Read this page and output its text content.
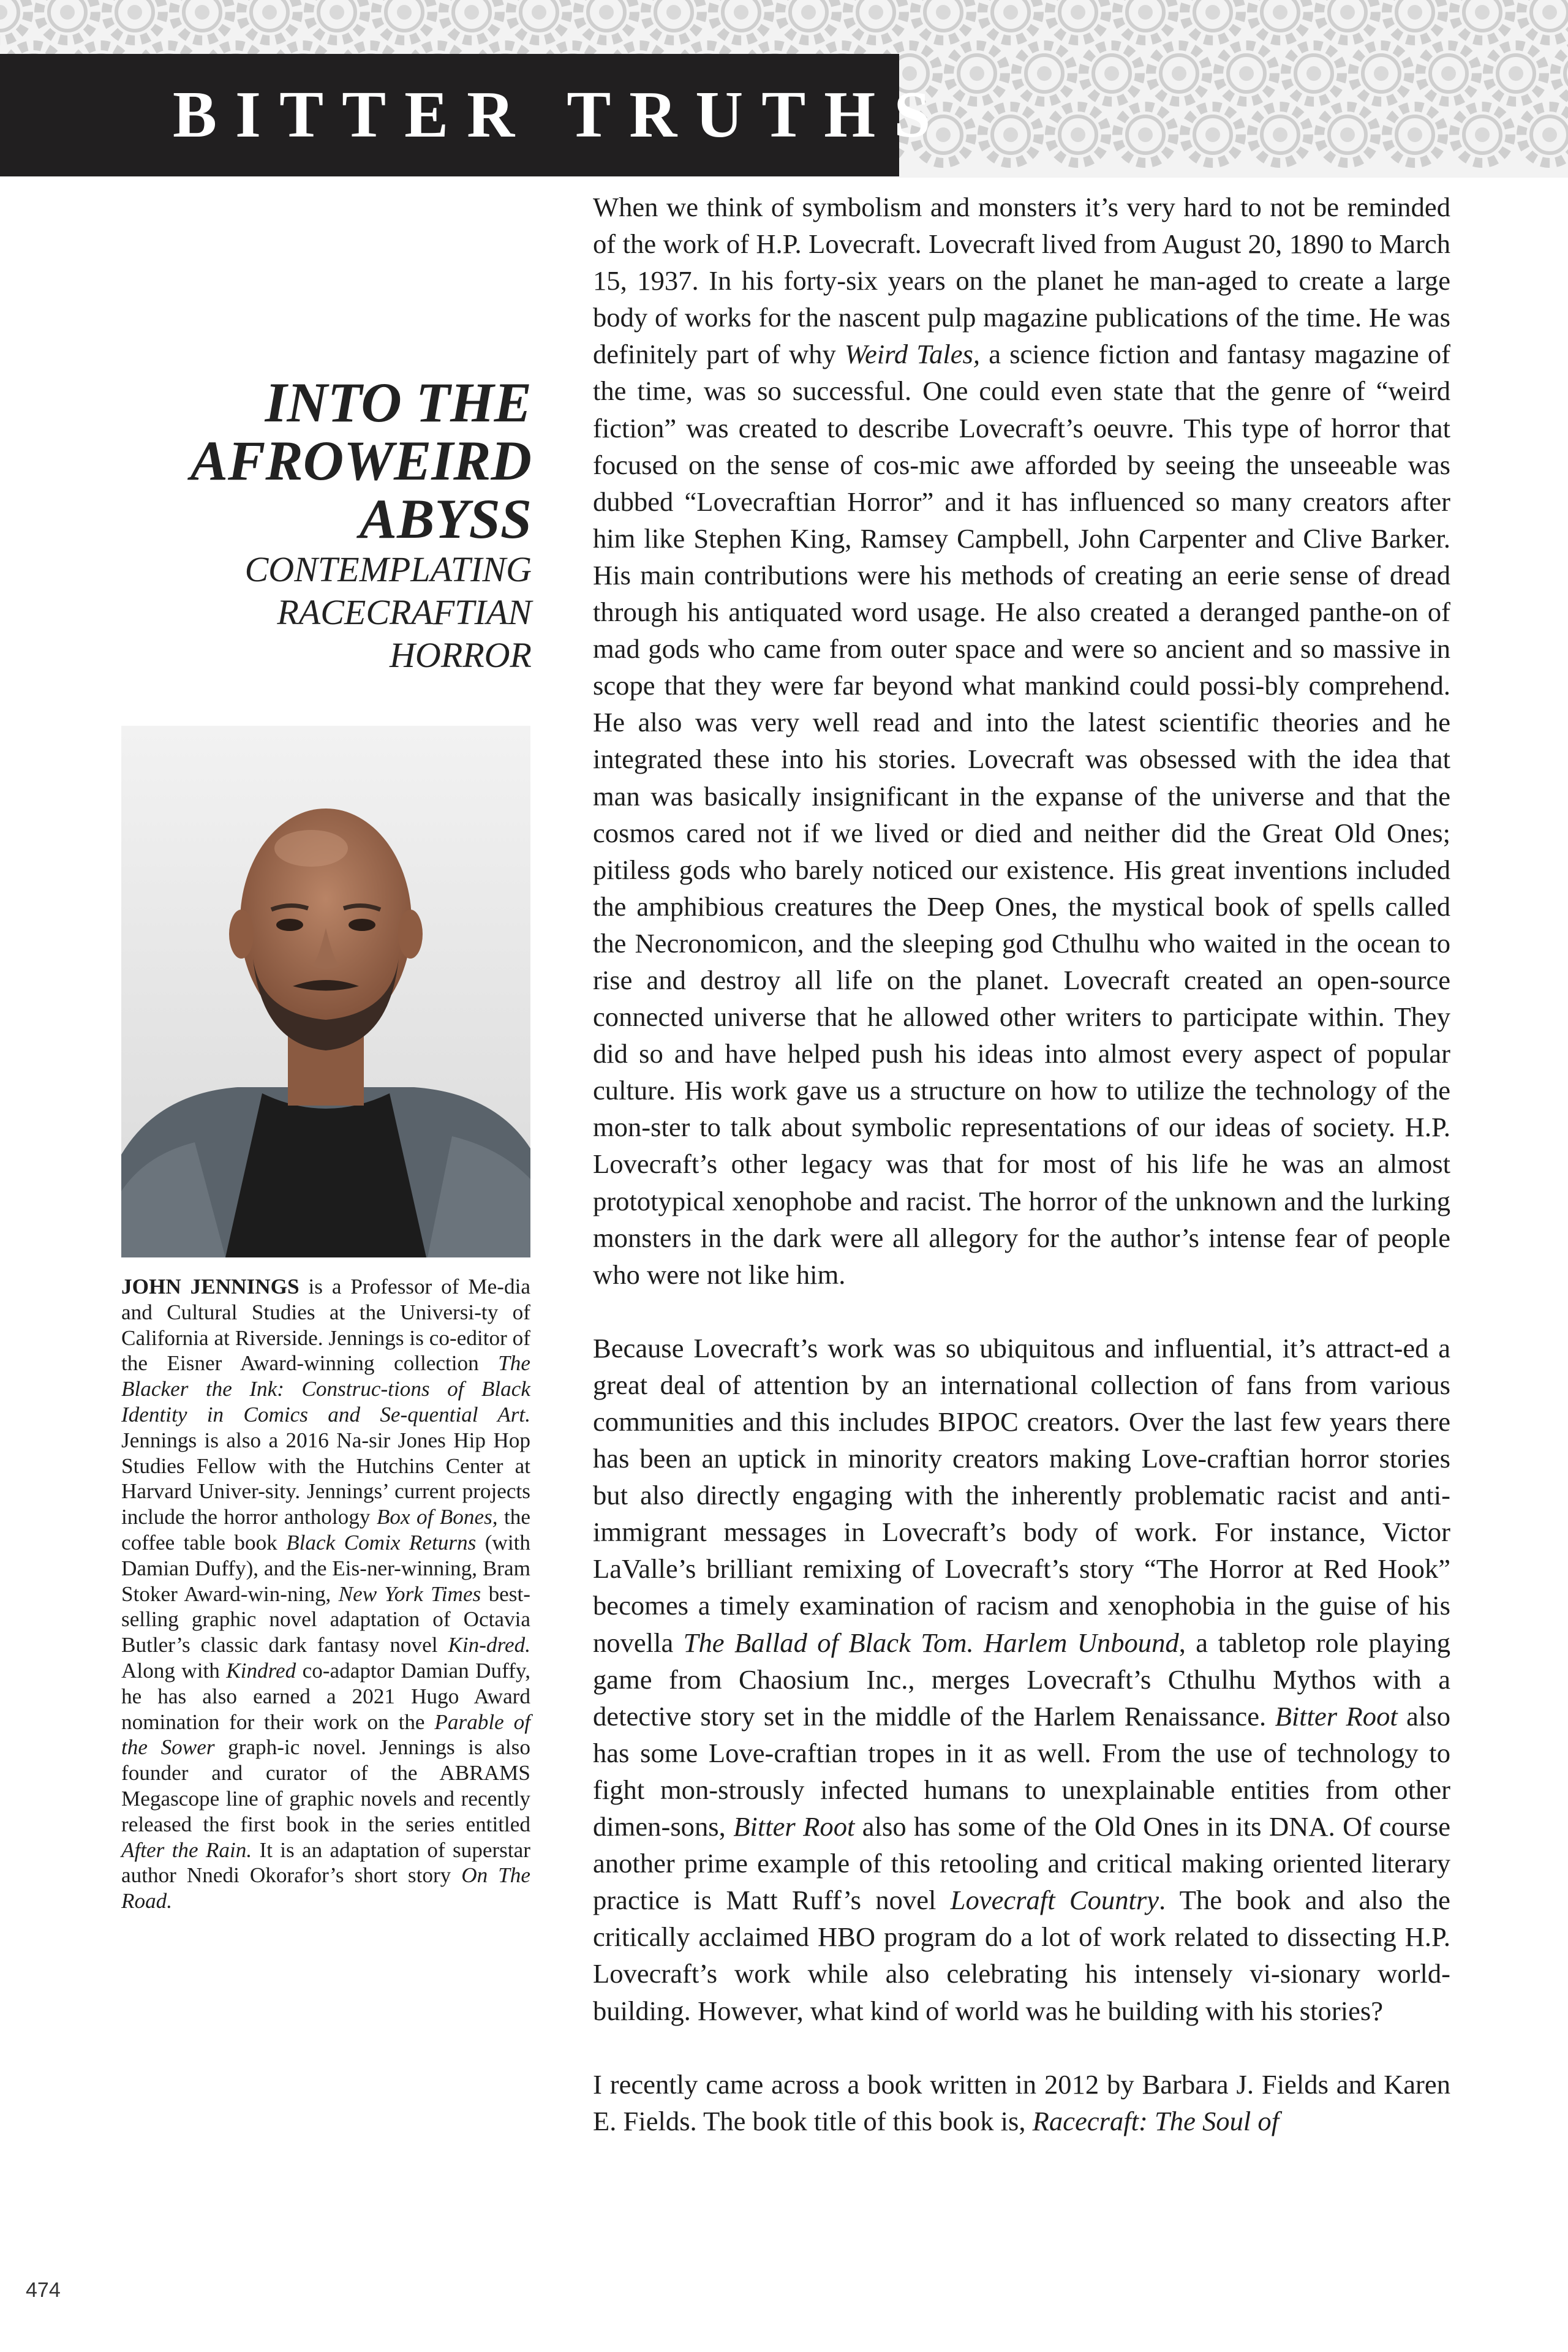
BITTER TRUTHS
INTO THE
AFROWEIRD
ABYSS
CONTEMPLATING
RACECRAFTIAN
HORROR
JOHN JENNINGS is a Professor of Me-dia and Cultural Studies at the Universi-ty of California at Riverside. Jennings is co-editor of the Eisner Award-winning collection The Blacker the Ink: Construc-tions of Black Identity in Comics and Se-quential Art. Jennings is also a 2016 Na-sir Jones Hip Hop Studies Fellow with the Hutchins Center at Harvard Univer-sity. Jennings’ current projects include the horror anthology Box of Bones, the coffee table book Black Comix Returns (with Damian Duffy), and the Eis-ner-winning, Bram Stoker Award-win-ning, New York Times best-selling graphic novel adaptation of Octavia Butler’s classic dark fantasy novel Kin-dred. Along with Kindred co-adaptor Damian Duffy, he has also earned a 2021 Hugo Award nomination for their work on the Parable of the Sower graph-ic novel. Jennings is also founder and curator of the ABRAMS Megascope line of graphic novels and recently released the first book in the series entitled After the Rain. It is an adaptation of superstar author Nnedi Okorafor’s short story On The Road.

When we think of symbolism and monsters it’s very hard to not be reminded of the work of H.P. Lovecraft. Lovecraft lived from August 20, 1890 to March 15, 1937. In his forty-six years on the planet he man-aged to create a large body of works for the nascent pulp magazine publications of the time. He was definitely part of why Weird Tales, a science fiction and fantasy magazine of the time, was so successful. One could even state that the genre of “weird fiction” was created to describe Lovecraft’s oeuvre. This type of horror that focused on the sense of cos-mic awe afforded by seeing the unseeable was dubbed “Lovecraftian Horror” and it has influenced so many creators after him like Stephen King, Ramsey Campbell, John Carpenter and Clive Barker. His main contributions were his methods of creating an eerie sense of dread through his antiquated word usage. He also created a deranged panthe-on of mad gods who came from outer space and were so ancient and so massive in scope that they were far beyond what mankind could possi-bly comprehend. He also was very well read and into the latest scientific theories and he integrated these into his stories. Lovecraft was obsessed with the idea that man was basically insignificant in the expanse of the universe and that the cosmos cared not if we lived or died and neither did the Great Old Ones; pitiless gods who barely noticed our existence. His great inventions included the amphibious creatures the Deep Ones, the mystical book of spells called the Necronomicon, and the sleeping god Cthulhu who waited in the ocean to rise and destroy all life on the planet. Lovecraft created an open-source connected universe that he allowed other writers to participate within. They did so and have helped push his ideas into almost every aspect of popular culture. His work gave us a structure on how to utilize the technology of the mon-ster to talk about symbolic representations of our ideas of society. H.P. Lovecraft’s other legacy was that for most of his life he was an almost prototypical xenophobe and racist. The horror of the unknown and the lurking monsters in the dark were all allegory for the author’s intense fear of people who were not like him.

Because Lovecraft’s work was so ubiquitous and influential, it’s attract-ed a great deal of attention by an international collection of fans from various communities and this includes BIPOC creators. Over the last few years there has been an uptick in minority creators making Love-craftian horror stories but also directly engaging with the inherently problematic racist and anti-immigrant messages in Lovecraft’s body of work. For instance, Victor LaValle’s brilliant remixing of Lovecraft’s story “The Horror at Red Hook” becomes a timely examination of racism and xenophobia in the guise of his novella The Ballad of Black Tom. Harlem Unbound, a tabletop role playing game from Chaosium Inc., merges Lovecraft’s Cthulhu Mythos with a detective story set in the middle of the Harlem Renaissance. Bitter Root also has some Love-craftian tropes in it as well. From the use of technology to fight mon-strously infected humans to unexplainable entities from other dimen-sons, Bitter Root also has some of the Old Ones in its DNA. Of course another prime example of this retooling and critical making oriented literary practice is Matt Ruff’s novel Lovecraft Country. The book and also the critically acclaimed HBO program do a lot of work related to dissecting H.P. Lovecraft’s work while also celebrating his intensely vi-sionary world-building. However, what kind of world was he building with his stories?

I recently came across a book written in 2012 by Barbara J. Fields and Karen E. Fields. The book title of this book is, Racecraft: The Soul of

474
